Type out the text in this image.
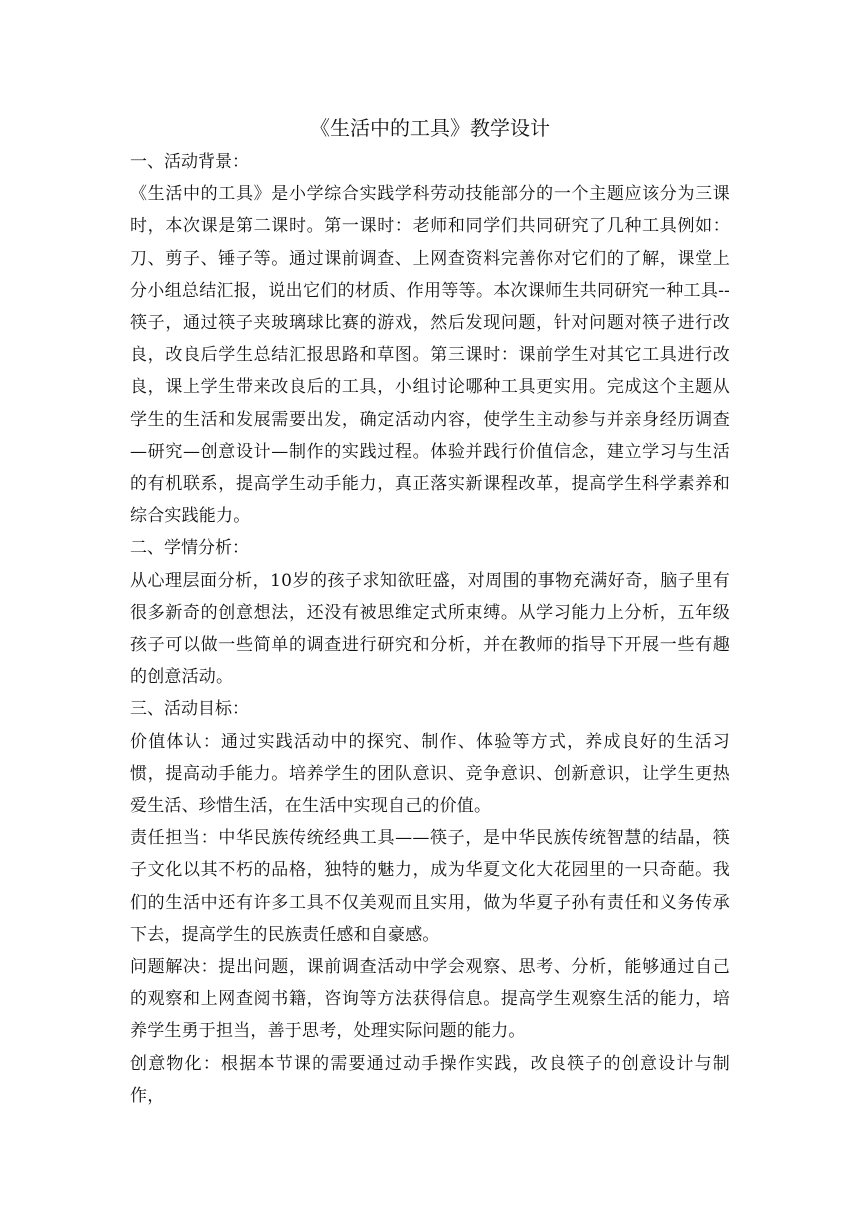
《生活中的工具》教学设计

一、活动背景：

《生活中的工具》是小学综合实践学科劳动技能部分的一个主题应该分为三课时，本次课是第二课时。第一课时：老师和同学们共同研究了几种工具例如：刀、剪子、锤子等。通过课前调查、上网查资料完善你对它们的了解，课堂上分小组总结汇报，说出它们的材质、作用等等。本次课师生共同研究一种工具--筷子，通过筷子夹玻璃球比赛的游戏，然后发现问题，针对问题对筷子进行改良，改良后学生总结汇报思路和草图。第三课时：课前学生对其它工具进行改良，课上学生带来改良后的工具，小组讨论哪种工具更实用。完成这个主题从学生的生活和发展需要出发，确定活动内容，使学生主动参与并亲身经历调查—研究—创意设计—制作的实践过程。体验并践行价值信念，建立学习与生活的有机联系，提高学生动手能力，真正落实新课程改革，提高学生科学素养和综合实践能力。

二、学情分析：

从心理层面分析，10岁的孩子求知欲旺盛，对周围的事物充满好奇，脑子里有很多新奇的创意想法，还没有被思维定式所束缚。从学习能力上分析，五年级孩子可以做一些简单的调查进行研究和分析，并在教师的指导下开展一些有趣的创意活动。

三、活动目标：

价值体认：通过实践活动中的探究、制作、体验等方式，养成良好的生活习惯，提高动手能力。培养学生的团队意识、竞争意识、创新意识，让学生更热爱生活、珍惜生活，在生活中实现自己的价值。

责任担当：中华民族传统经典工具——筷子，是中华民族传统智慧的结晶，筷子文化以其不朽的品格，独特的魅力，成为华夏文化大花园里的一只奇葩。我们的生活中还有许多工具不仅美观而且实用，做为华夏子孙有责任和义务传承下去，提高学生的民族责任感和自豪感。

问题解决：提出问题，课前调查活动中学会观察、思考、分析，能够通过自己的观察和上网查阅书籍，咨询等方法获得信息。提高学生观察生活的能力，培养学生勇于担当，善于思考，处理实际问题的能力。

创意物化：根据本节课的需要通过动手操作实践，改良筷子的创意设计与制作，
